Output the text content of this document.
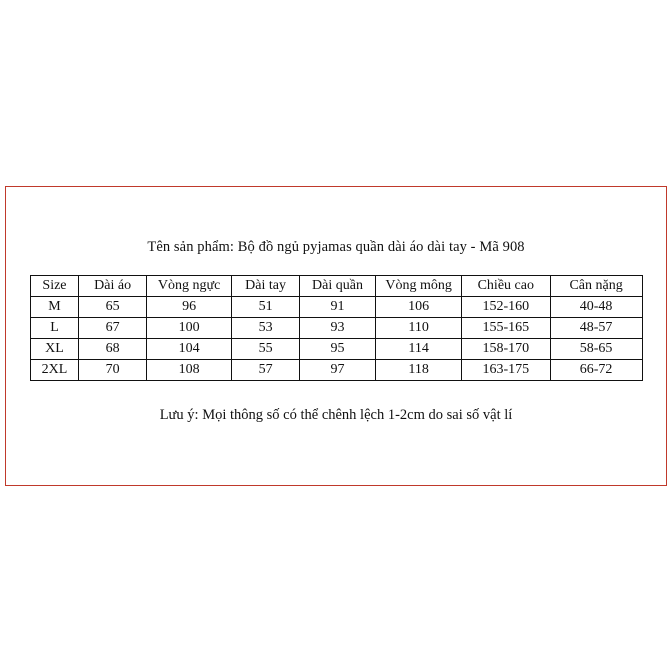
Tên sản phẩm: Bộ đồ ngủ pyjamas quần dài áo dài tay - Mã 908
Size	Dài áo	Vòng ngực	Dài tay	Dài quần	Vòng mông	Chiều cao	Cân nặng
M	65	96	51	91	106	152-160	40-48
L	67	100	53	93	110	155-165	48-57
XL	68	104	55	95	114	158-170	58-65
2XL	70	108	57	97	118	163-175	66-72
Lưu ý: Mọi thông số có thể chênh lệch 1-2cm do sai số vật lí
